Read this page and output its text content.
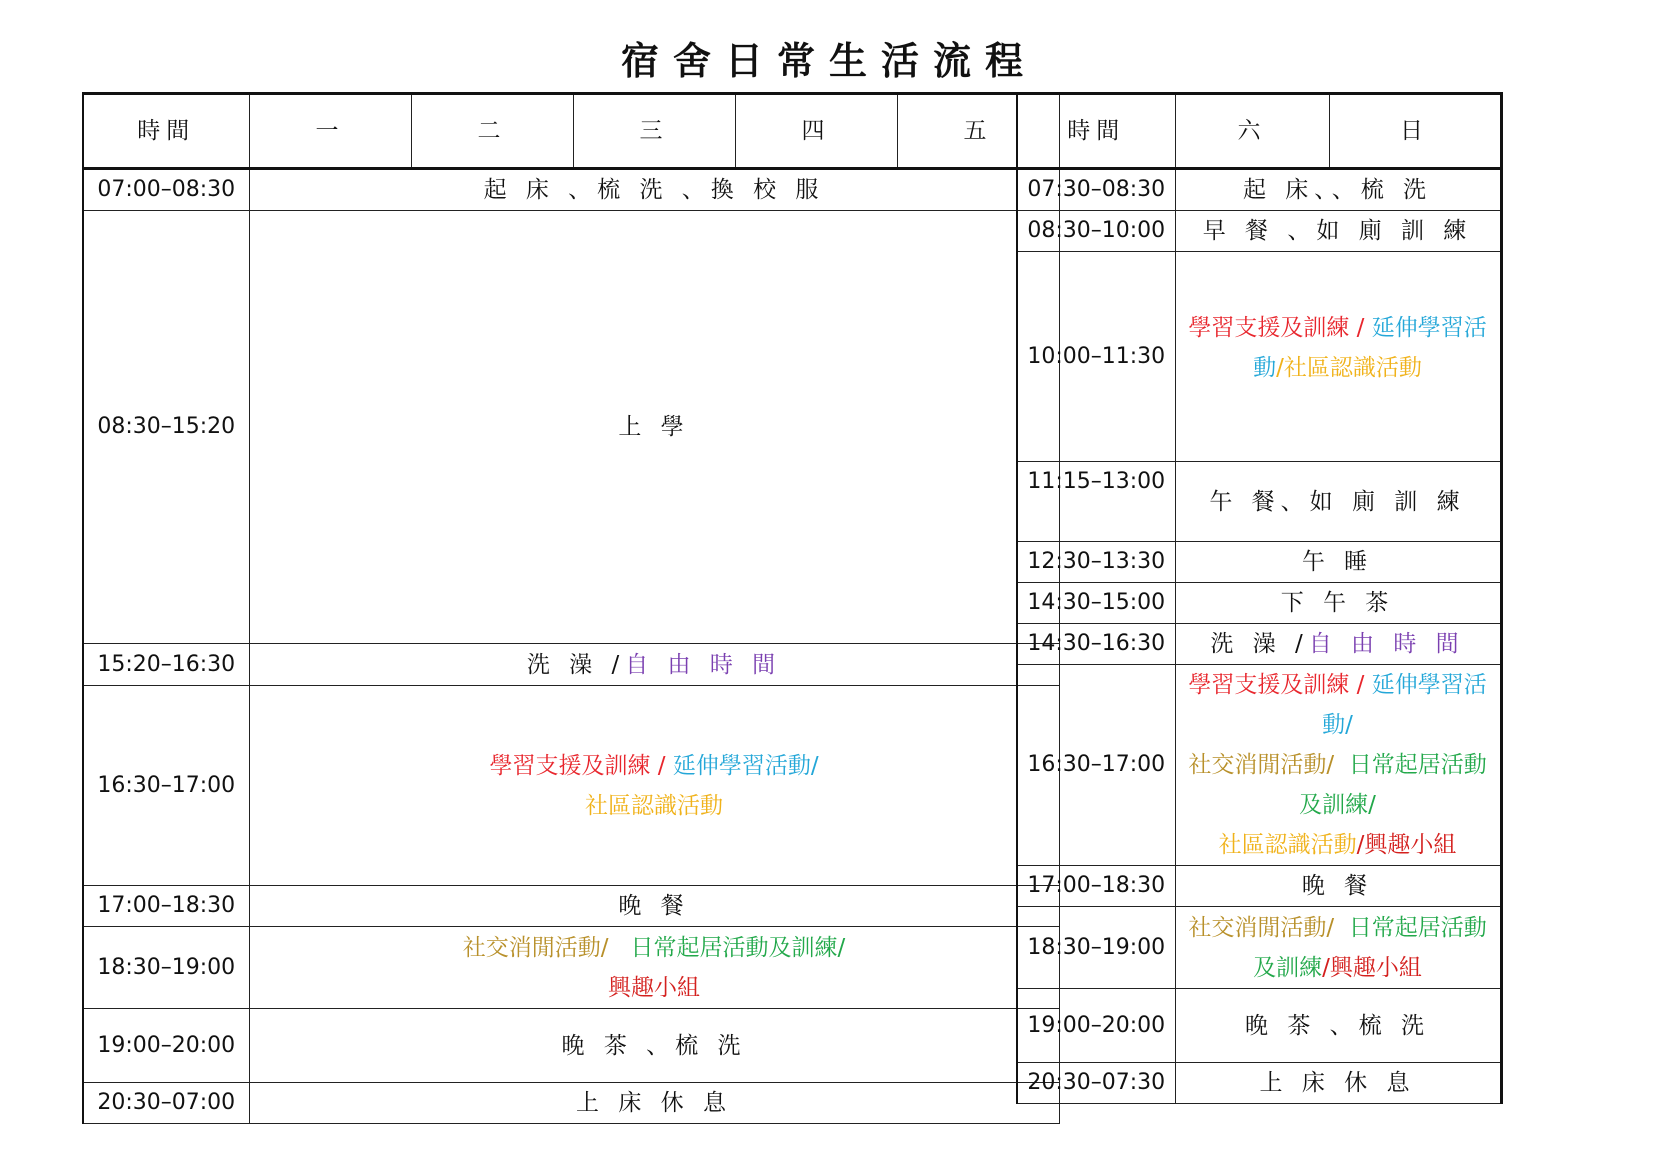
宿舍日常生活流程
時間	一	二	三	四	五
07:00–08:30	起 床 、梳 洗 、換 校 服				
08:30–15:20	上 學				
15:20–16:30	洗 澡 /自 由 時 間				
16:30–17:00	學習支援及訓練 / 延伸學習活動/
社區認識活動				
17:00–18:30	晚 餐				
18:30–19:00	社交消閒活動/ 日常起居活動及訓練/
興趣小組				
19:00–20:00	晚 茶 、梳 洗				
20:30–07:00	上 床 休 息				
時間	六	日
07:30–08:30	起 床、、梳 洗	
08:30–10:00	早 餐 、如 廁 訓 練	
10:00–11:30	學習支援及訓練 / 延伸學習活動/社區認識活動	
11:15–13:00	午 餐、如 廁 訓 練	
12:30–13:30	午 睡	
14:30–15:00	下 午 茶	
14:30–16:30	洗 澡 /自 由 時 間	
16:30–17:00	學習支援及訓練 / 延伸學習活動/
社交消閒活動/ 日常起居活動及訓練/
社區認識活動/興趣小組	
17:00–18:30	晚 餐	
18:30–19:00	社交消閒活動/ 日常起居活動及訓練/興趣小組	
19:00–20:00	晚 茶 、梳 洗	
20:30–07:30	上 床 休 息	
